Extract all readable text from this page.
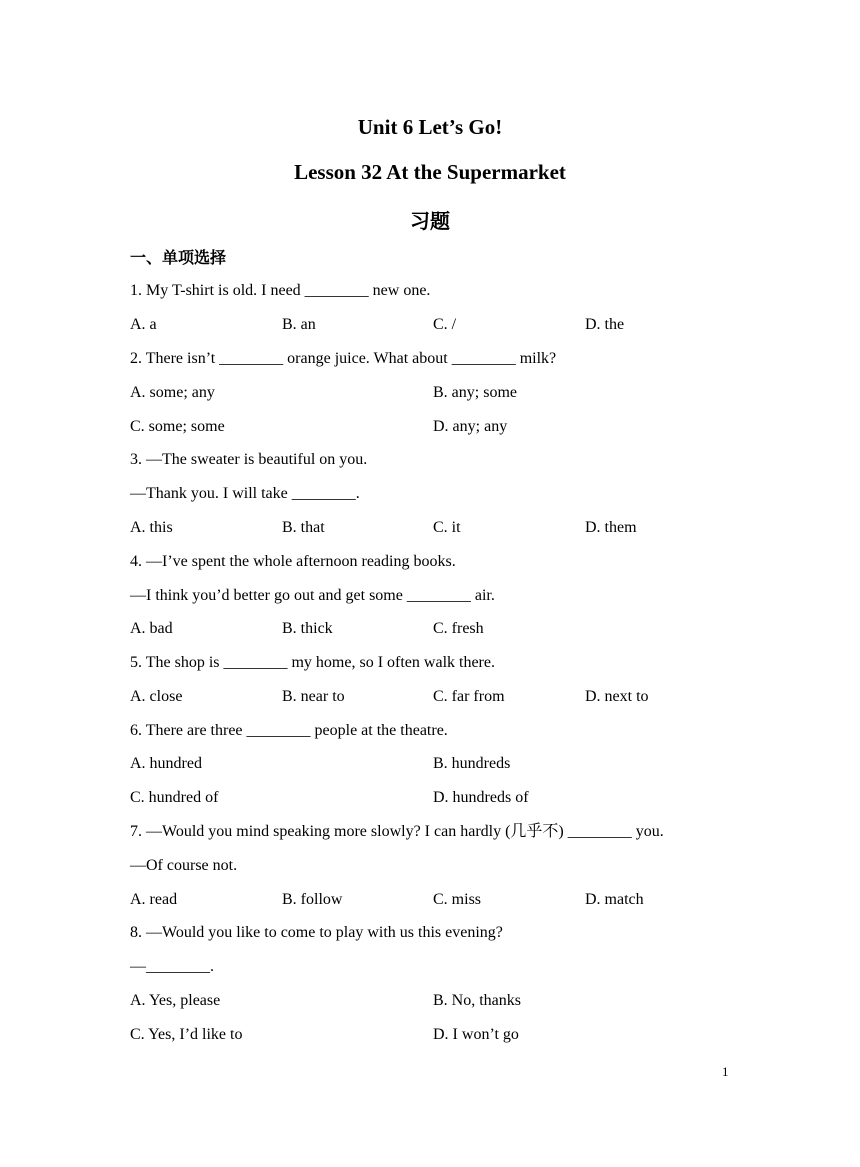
Unit 6 Let’s Go!
Lesson 32 At the Supermarket
习题
一、单项选择
1. My T-shirt is old. I need ________ new one.
A. a	B. an	C. /	D. the
2. There isn’t ________ orange juice. What about ________ milk?
A. some; any	B. any; some
C. some; some	D. any; any
3. —The sweater is beautiful on you.
—Thank you. I will take ________.
A. this	B. that	C. it	D. them
4. —I’ve spent the whole afternoon reading books.
—I think you’d better go out and get some ________ air.
A. bad	B. thick	C. fresh
5. The shop is ________ my home, so I often walk there.
A. close	B. near to	C. far from	D. next to
6. There are three ________ people at the theatre.
A. hundred	B. hundreds
C. hundred of	D. hundreds of
7. —Would you mind speaking more slowly? I can hardly (几乎不) ________ you.
—Of course not.
A. read	B. follow	C. miss	D. match
8. —Would you like to come to play with us this evening?
—________.
A. Yes, please	B. No, thanks
C. Yes, I’d like to	D. I won’t go
1
